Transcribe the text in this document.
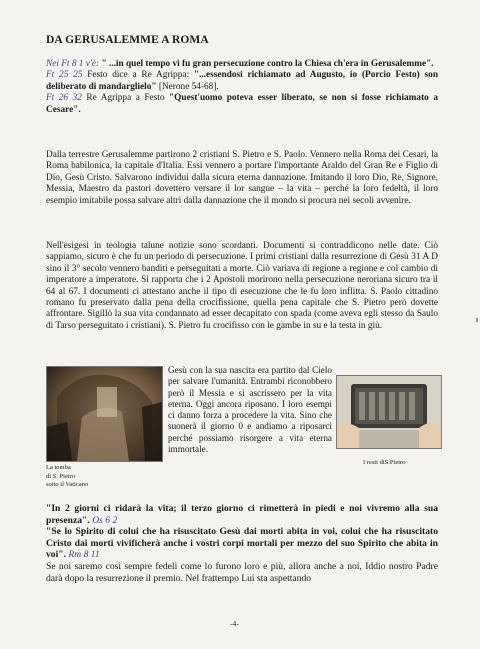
DA GERUSALEMME A ROMA

Nei Ft 8 1 v'è: " ...in quel tempo vi fu gran persecuzione contro la Chiesa ch'era in Gerusalemme".

Ft 25 25 Festo dice a Re Agrippa: "...essendosi richiamato ad Augusto, io (Porcio Festo) son deliberato di mandarglielo" [Nerone 54-68].

Ft 26 32 Re Agrippa a Festo "Quest'uomo poteva esser liberato, se non si fosse richiamato a Cesare".

Dalla terrestre Gerusalemme partirono 2 cristiani S. Pietro e S. Paolo. Vennero nella Roma dei Cesari, la Roma babilonica, la capitale d'Italia. Essi vennero a portare l'importante Araldo del Gran Re e Figlio di Dio, Gesù Cristo. Salvarono individui dalla sicura eterna dannazione. Imitando il loro Dio, Re, Signore, Messia, Maestro da pastori dovettero versare il lor sangue – la vita – perché la loro fedeltà, il loro esempio imitabile possa salvare altri dalla dannazione che il mondo si procura nei secoli avvenire.

Nell'esigesi in teologia talune notizie sono scordanti. Documenti si contraddicono nelle date. Ciò sappiamo, sicuro è che fu un periodo di persecuzione. I primi cristiani dalla resurrezione di Gesù 31 A D sino il 3° secolo vennero banditi e perseguitati a morte. Ciò variava di regione a regione e col cambio di imperatore a imperatore. Si rapporta che i 2 Apostoli morirono nella persecuzione neroriana sicuro tra il 64 al 67. I documenti ci attestano anche il tipo di esecuzione che le fu loro inflitta. S. Paolo cittadino romano fu preservato dalla pena della crocifissione, quella pena capitale che S. Pietro però dovette affrontare. Sigillò la sua vita condannato ad esser decapitato con spada (come aveva egli stesso da Saulo di Tarso perseguitato i cristiani). S. Pietro fu crocifisso con le gambe in su e la testa in giù.

La tomba
di S. Pietro
sotto il Vaticano
Gesù con la sua nascita era partito dal Cielo per salvare l'umanità. Entrambi riconobbero però il Messia e si ascrissero per la vita eterna. Oggi ancora riposano. I loro esempi ci danno forza a procedere la vita. Sino che suonerà il giorno 0 e andiamo a riposarci perché possiamo risorgere a vita eterna immortale.
I resti diS.Pietro

"In 2 giorni ci ridarà la vita; il terzo giorno ci rimetterà in piedi e noi vivremo alla sua presenza". Os 6 2

"Se lo Spirito di colui che ha risuscitato Gesù dai morti abita in voi, colui che ha risuscitato Cristo dai morti vivificherà anche i vostri corpi mortali per mezzo del suo Spirito che abita in voi". Rm 8 11

Se noi saremo così sempre fedeli come lo furono loro e più, allora anche a noi, Iddio nostro Padre darà dopo la resurrezione il premio. Nel frattempo Lui sta aspettando

-4-
